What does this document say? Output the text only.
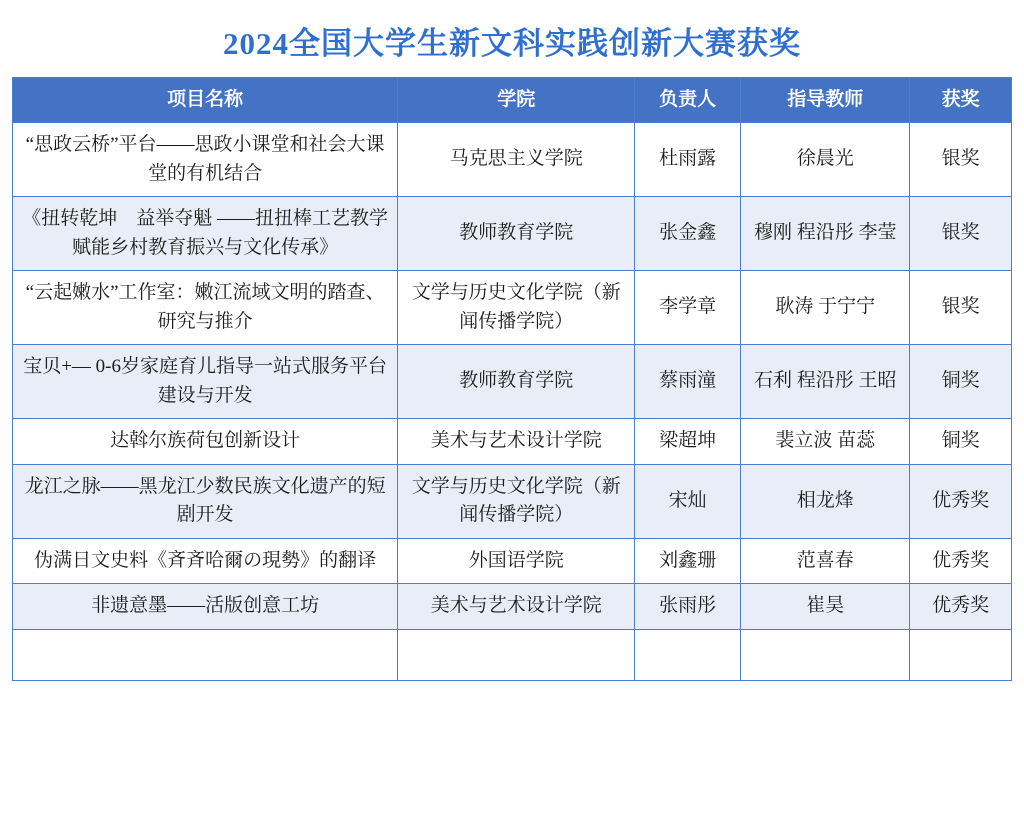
2024全国大学生新文科实践创新大赛获奖
项目名称	学院	负责人	指导教师	获奖
“思政云桥”平台——思政小课堂和社会大课堂的有机结合	马克思主义学院	杜雨露	徐晨光	银奖
《扭转乾坤　益举夺魁 ——扭扭棒工艺教学赋能乡村教育振兴与文化传承》	教师教育学院	张金鑫	穆刚 程沿彤 李莹	银奖
“云起嫩水”工作室：嫩江流域文明的踏查、研究与推介	文学与历史文化学院（新闻传播学院）	李学章	耿涛 于宁宁	银奖
宝贝+— 0-6岁家庭育儿指导一站式服务平台建设与开发	教师教育学院	蔡雨潼	石利 程沿彤 王昭	铜奖
达斡尔族荷包创新设计	美术与艺术设计学院	梁超坤	裴立波 苗蕊	铜奖
龙江之脉——黑龙江少数民族文化遗产的短剧开发	文学与历史文化学院（新闻传播学院）	宋灿	相龙烽	优秀奖
伪满日文史料《斉斉哈爾の現勢》的翻译	外国语学院	刘鑫珊	范喜春	优秀奖
非遗意墨——活版创意工坊	美术与艺术设计学院	张雨彤	崔昊	优秀奖
